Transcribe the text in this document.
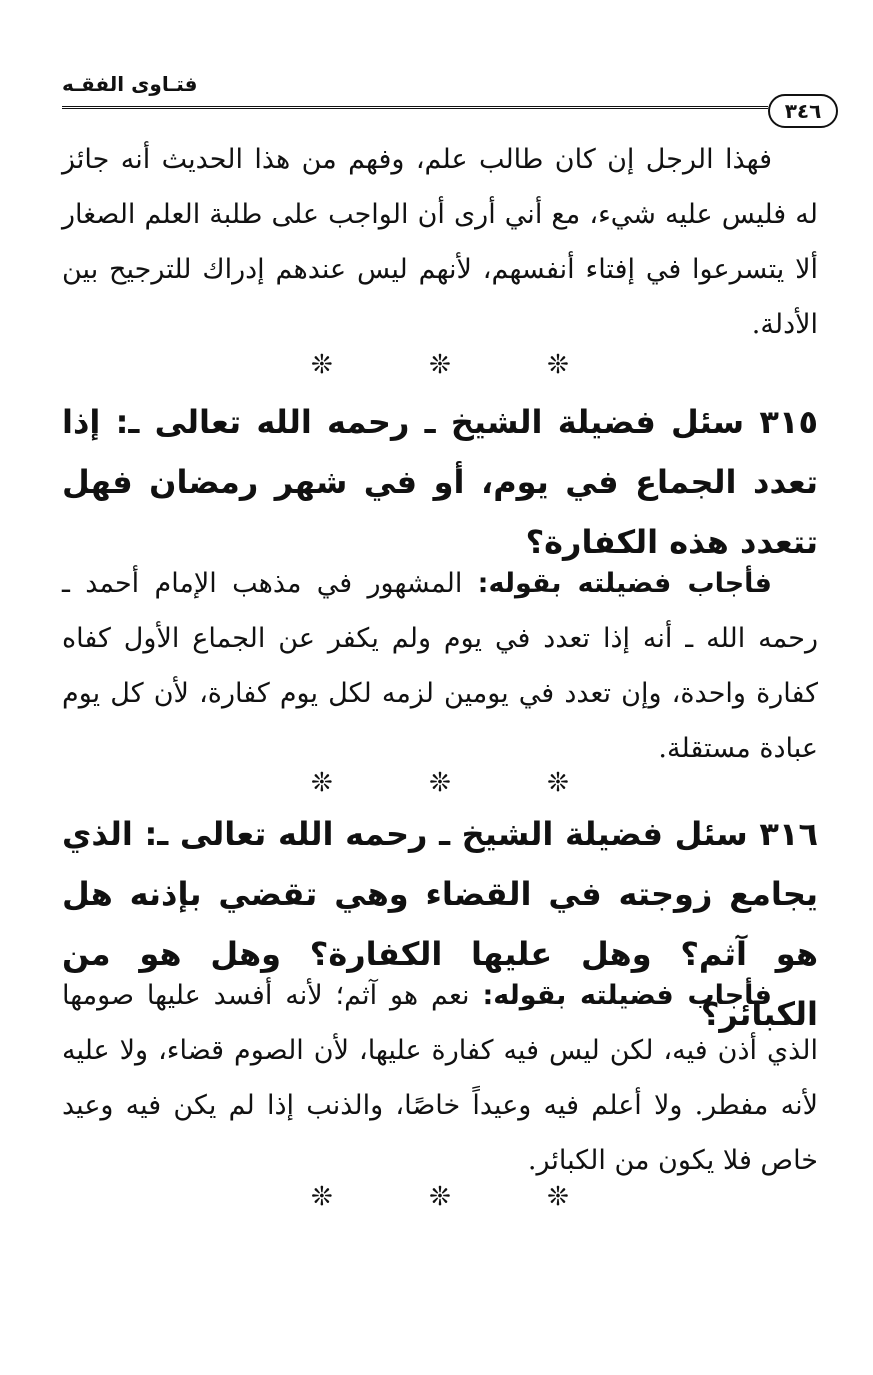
فتـاوى الفقـه
٣٤٦

فهذا الرجل إن كان طالب علم، وفهم من هذا الحديث أنه جائز له فليس عليه شيء، مع أني أرى أن الواجب على طلبة العلم الصغار ألا يتسرعوا في إفتاء أنفسهم، لأنهم ليس عندهم إدراك للترجيح بين الأدلة.

❊ ❊ ❊

٣١٥ سئل فضيلة الشيخ ـ رحمه الله تعالى ـ: إذا تعدد الجماع في يوم، أو في شهر رمضان فهل تتعدد هذه الكفارة؟

فأجاب فضيلته بقوله: المشهور في مذهب الإمام أحمد ـ رحمه الله ـ أنه إذا تعدد في يوم ولم يكفر عن الجماع الأول كفاه كفارة واحدة، وإن تعدد في يومين لزمه لكل يوم كفارة، لأن كل يوم عبادة مستقلة.

❊ ❊ ❊

٣١٦ سئل فضيلة الشيخ ـ رحمه الله تعالى ـ: الذي يجامع زوجته في القضاء وهي تقضي بإذنه هل هو آثم؟ وهل عليها الكفارة؟ وهل هو من الكبائر؟

فأجاب فضيلته بقوله: نعم هو آثم؛ لأنه أفسد عليها صومها الذي أذن فيه، لكن ليس فيه كفارة عليها، لأن الصوم قضاء، ولا عليه لأنه مفطر. ولا أعلم فيه وعيداً خاصًا، والذنب إذا لم يكن فيه وعيد خاص فلا يكون من الكبائر.

❊ ❊ ❊
